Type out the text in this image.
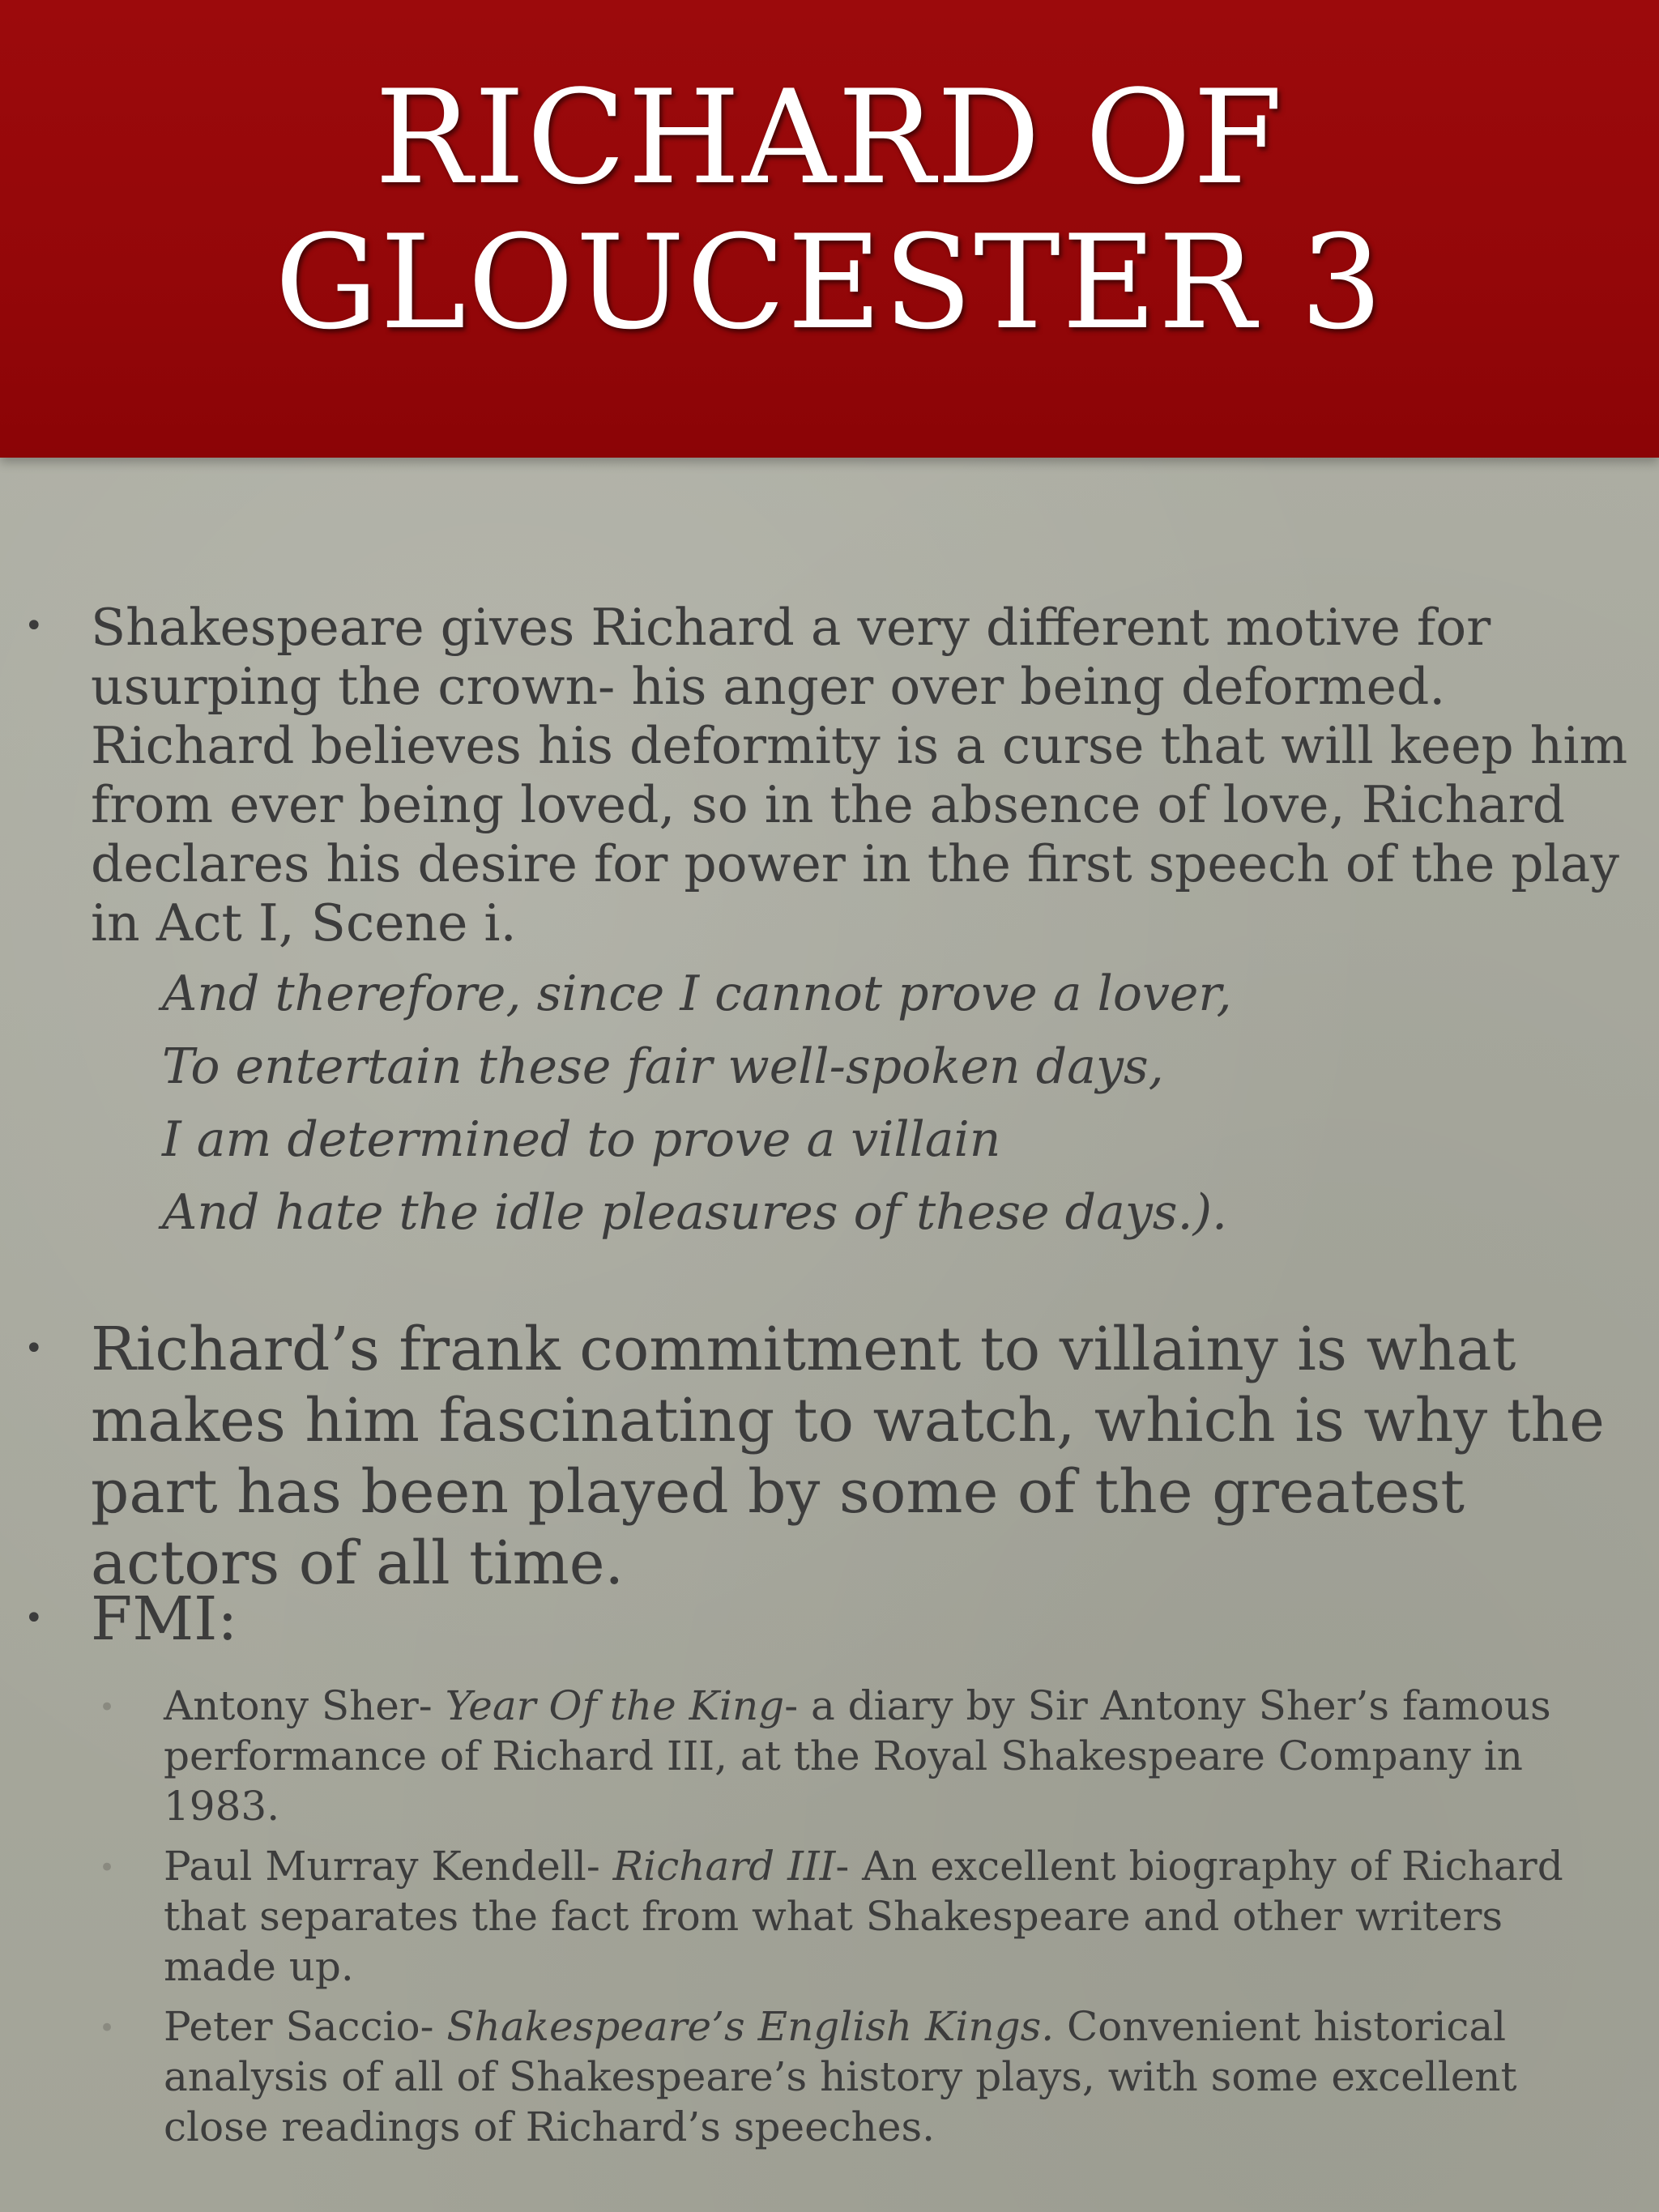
RICHARD OF
GLOUCESTER 3
• Shakespeare gives Richard a very different motive for usurping the crown- his anger over being deformed. Richard believes his deformity is a curse that will keep him from ever being loved, so in the absence of love, Richard declares his desire for power in the first speech of the play in Act I, Scene i.

And therefore, since I cannot prove a lover,
To entertain these fair well-spoken days,
I am determined to prove a villain
And hate the idle pleasures of these days.).
• Richard’s frank commitment to villainy is what makes him fascinating to watch, which is why the part has been played by some of the greatest actors of all time.

• FMI:

• Antony Sher- Year Of the King- a diary by Sir Antony Sher’s famous performance of Richard III, at the Royal Shakespeare Company in 1983.
• Paul Murray Kendell- Richard III- An excellent biography of Richard that separates the fact from what Shakespeare and other writers made up.
• Peter Saccio- Shakespeare’s English Kings. Convenient historical analysis of all of Shakespeare’s history plays, with some excellent close readings of Richard’s speeches.
